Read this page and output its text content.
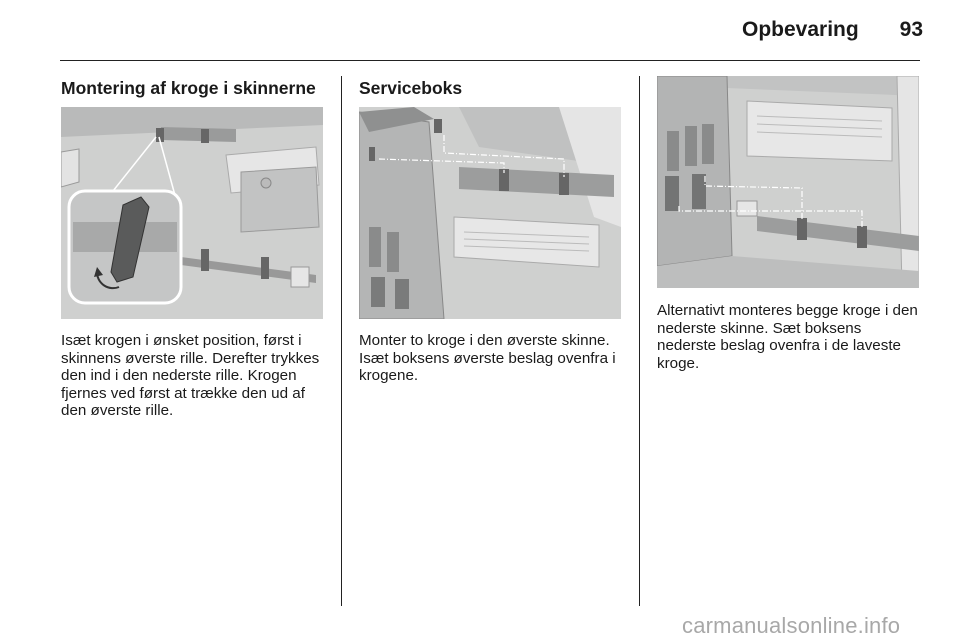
Opbevaring	93
Montering af kroge i skinnerne

Isæt krogen i ønsket position, først i skinnens øverste rille. Derefter trykkes den ind i den nederste rille. Krogen fjernes ved først at trække den ud af den øverste rille.

Serviceboks

Monter to kroge i den øverste skinne. Isæt boksens øverste beslag ovenfra i krogene.

Alternativt monteres begge kroge i den nederste skinne. Sæt boksens nederste beslag ovenfra i de laveste kroge.

carmanualsonline.info
